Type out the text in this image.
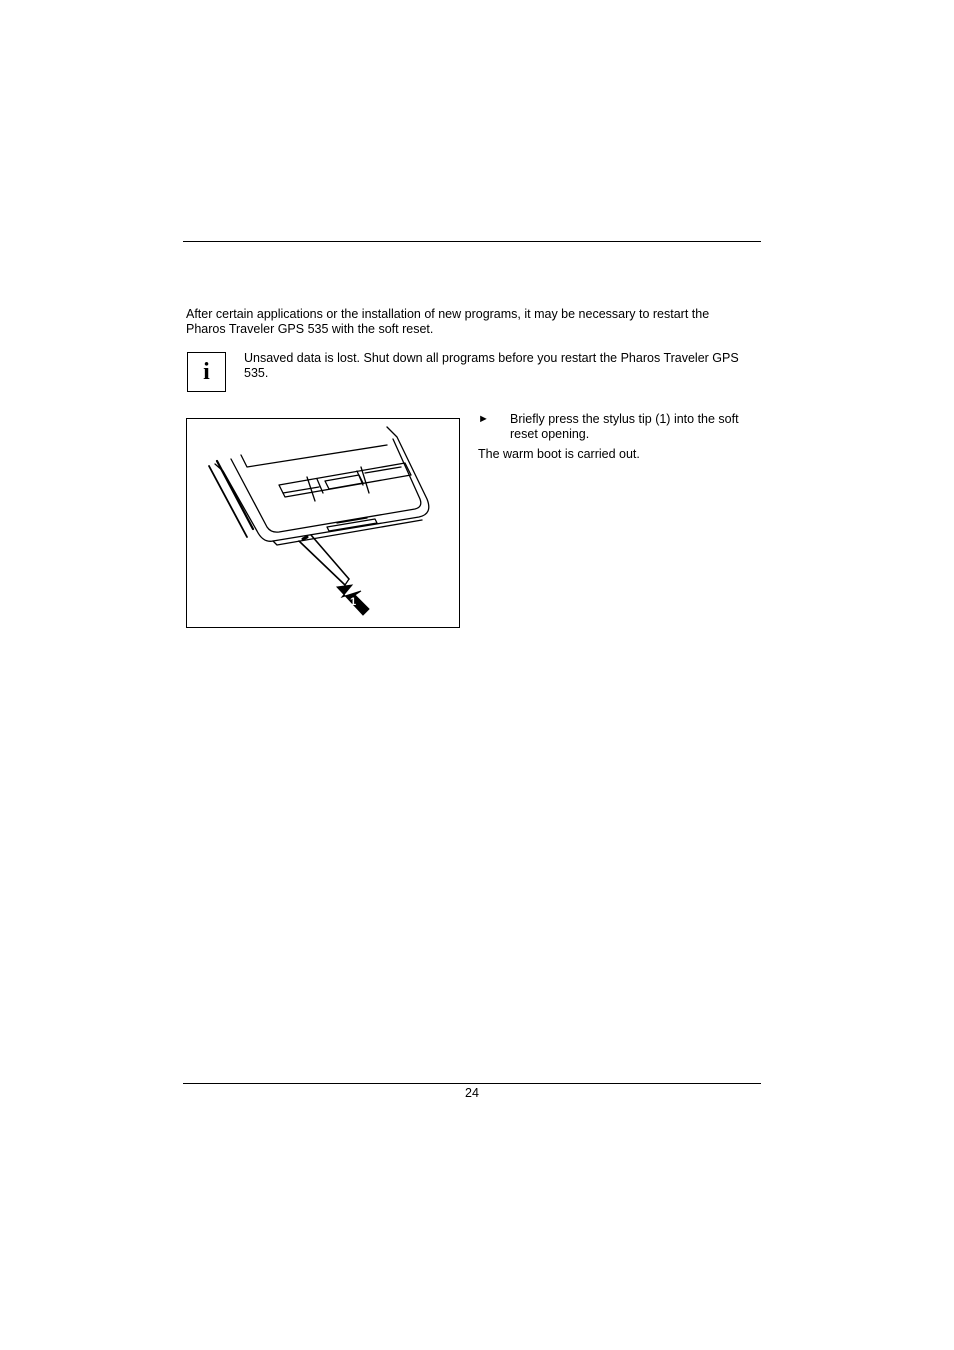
After certain applications or the installation of new programs, it may be necessary to restart the Pharos Traveler GPS 535 with the soft reset.

i

Unsaved data is lost. Shut down all programs before you restart the Pharos Traveler GPS 535.

1
► Briefly press the stylus tip (1) into the soft reset opening.

The warm boot is carried out.

24
